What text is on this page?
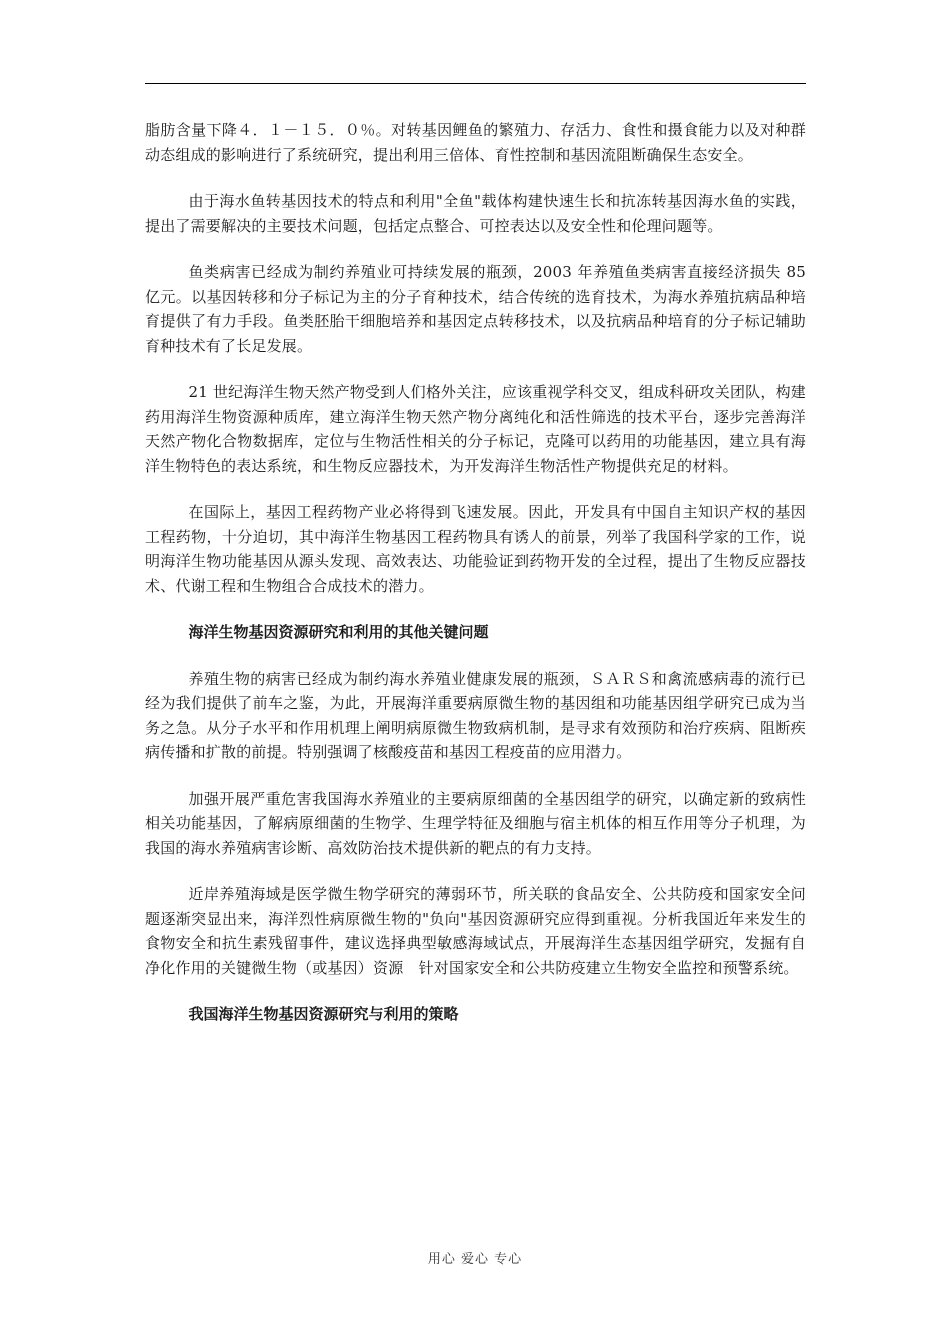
脂肪含量下降４．１－１５．０％。对转基因鲤鱼的繁殖力、存活力、食性和摄食能力以及对种群动态组成的影响进行了系统研究，提出利用三倍体、育性控制和基因流阻断确保生态安全。

由于海水鱼转基因技术的特点和利用"全鱼"载体构建快速生长和抗冻转基因海水鱼的实践，提出了需要解决的主要技术问题，包括定点整合、可控表达以及安全性和伦理问题等。

鱼类病害已经成为制约养殖业可持续发展的瓶颈，2003 年养殖鱼类病害直接经济损失 85 亿元。以基因转移和分子标记为主的分子育种技术，结合传统的选育技术，为海水养殖抗病品种培育提供了有力手段。鱼类胚胎干细胞培养和基因定点转移技术，以及抗病品种培育的分子标记辅助育种技术有了长足发展。

21 世纪海洋生物天然产物受到人们格外关注，应该重视学科交叉，组成科研攻关团队，构建药用海洋生物资源种质库，建立海洋生物天然产物分离纯化和活性筛选的技术平台，逐步完善海洋天然产物化合物数据库，定位与生物活性相关的分子标记，克隆可以药用的功能基因，建立具有海洋生物特色的表达系统，和生物反应器技术，为开发海洋生物活性产物提供充足的材料。

在国际上，基因工程药物产业必将得到飞速发展。因此，开发具有中国自主知识产权的基因工程药物，十分迫切，其中海洋生物基因工程药物具有诱人的前景，列举了我国科学家的工作，说明海洋生物功能基因从源头发现、高效表达、功能验证到药物开发的全过程，提出了生物反应器技术、代谢工程和生物组合合成技术的潜力。

海洋生物基因资源研究和利用的其他关键问题

养殖生物的病害已经成为制约海水养殖业健康发展的瓶颈，ＳＡＲＳ和禽流感病毒的流行已经为我们提供了前车之鉴，为此，开展海洋重要病原微生物的基因组和功能基因组学研究已成为当务之急。从分子水平和作用机理上阐明病原微生物致病机制，是寻求有效预防和治疗疾病、阻断疾病传播和扩散的前提。特别强调了核酸疫苗和基因工程疫苗的应用潜力。

加强开展严重危害我国海水养殖业的主要病原细菌的全基因组学的研究，以确定新的致病性相关功能基因，了解病原细菌的生物学、生理学特征及细胞与宿主机体的相互作用等分子机理，为我国的海水养殖病害诊断、高效防治技术提供新的靶点的有力支持。

近岸养殖海域是医学微生物学研究的薄弱环节，所关联的食品安全、公共防疫和国家安全问题逐渐突显出来，海洋烈性病原微生物的"负向"基因资源研究应得到重视。分析我国近年来发生的食物安全和抗生素残留事件，建议选择典型敏感海域试点，开展海洋生态基因组学研究，发掘有自净化作用的关键微生物（或基因）资源　针对国家安全和公共防疫建立生物安全监控和预警系统。

我国海洋生物基因资源研究与利用的策略

用心 爱心 专心
